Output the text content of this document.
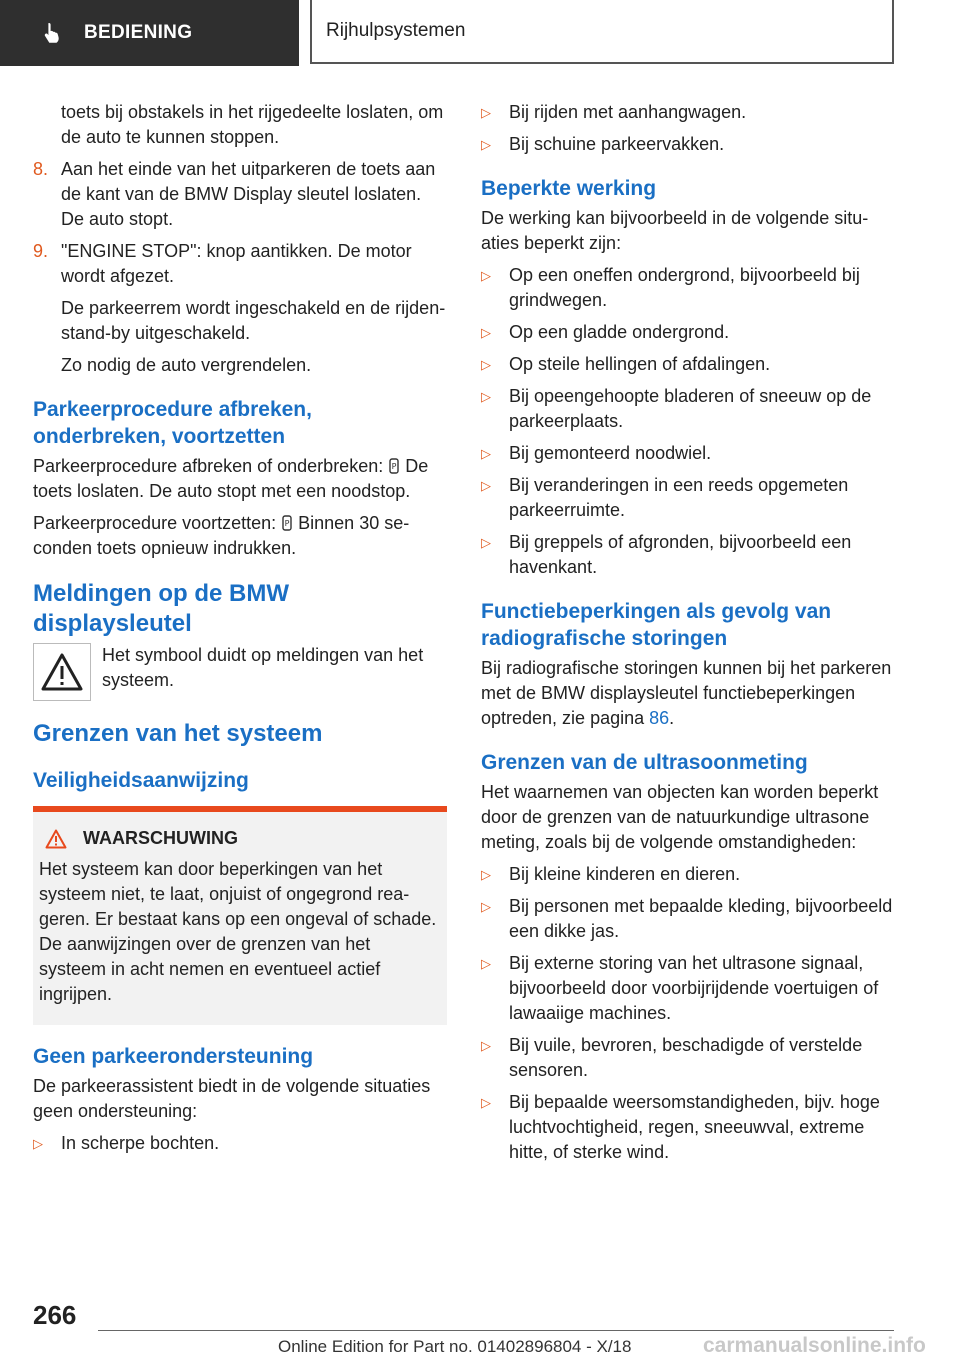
BEDIENING	Rijhulpsystemen

toets bij obstakels in het rijgedeelte loslaten, om de auto te kunnen stoppen.

8. Aan het einde van het uitparkeren de toets aan de kant van de BMW Display sleutel loslaten. De auto stopt.
9. "ENGINE STOP": knop aantikken. De motor wordt afgezet.

De parkeerrem wordt ingeschakeld en de rijden-stand-by uitgeschakeld.

Zo nodig de auto vergrendelen.

Parkeerprocedure afbreken, onderbreken, voortzetten

Parkeerprocedure afbreken of onderbreken: P De toets loslaten. De auto stopt met een noodstop.

Parkeerprocedure voortzetten: P Binnen 30 seconden toets opnieuw indrukken.

Meldingen op de BMW displaysleutel
Het symbool duidt op meldingen van het systeem.
Grenzen van het systeem
Veiligheidsaanwijzing
WAARSCHUWING
Het systeem kan door beperkingen van het systeem niet, te laat, onjuist of ongegrond reageren. Er bestaat kans op een ongeval of schade. De aanwijzingen over de grenzen van het systeem in acht nemen en eventueel actief ingrijpen.
Geen parkeerondersteuning

De parkeerassistent biedt in de volgende situaties geen ondersteuning:

▷	In scherpe bochten.
▷	Bij rijden met aanhangwagen.
▷	Bij schuine parkeervakken.
Beperkte werking

De werking kan bijvoorbeeld in de volgende situaties beperkt zijn:

▷	Op een oneffen ondergrond, bijvoorbeeld bij grindwegen.
▷	Op een gladde ondergrond.
▷	Op steile hellingen of afdalingen.
▷	Bij opeengehoopte bladeren of sneeuw op de parkeerplaats.
▷	Bij gemonteerd noodwiel.
▷	Bij veranderingen in een reeds opgemeten parkeerruimte.
▷	Bij greppels of afgronden, bijvoorbeeld een havenkant.
Functiebeperkingen als gevolg van radiografische storingen

Bij radiografische storingen kunnen bij het parkeren met de BMW displaysleutel functiebeperkingen optreden, zie pagina 86.

Grenzen van de ultrasoonmeting

Het waarnemen van objecten kan worden beperkt door de grenzen van de natuurkundige ultrasone meting, zoals bij de volgende omstandigheden:

▷	Bij kleine kinderen en dieren.
▷	Bij personen met bepaalde kleding, bijvoorbeeld een dikke jas.
▷	Bij externe storing van het ultrasone signaal, bijvoorbeeld door voorbijrijdende voertuigen of lawaaiige machines.
▷	Bij vuile, bevroren, beschadigde of verstelde sensoren.
▷	Bij bepaalde weersomstandigheden, bijv. hoge luchtvochtigheid, regen, sneeuwval, extreme hitte, of sterke wind.
266
Online Edition for Part no. 01402896804 - X/18	carmanualsonline.info
